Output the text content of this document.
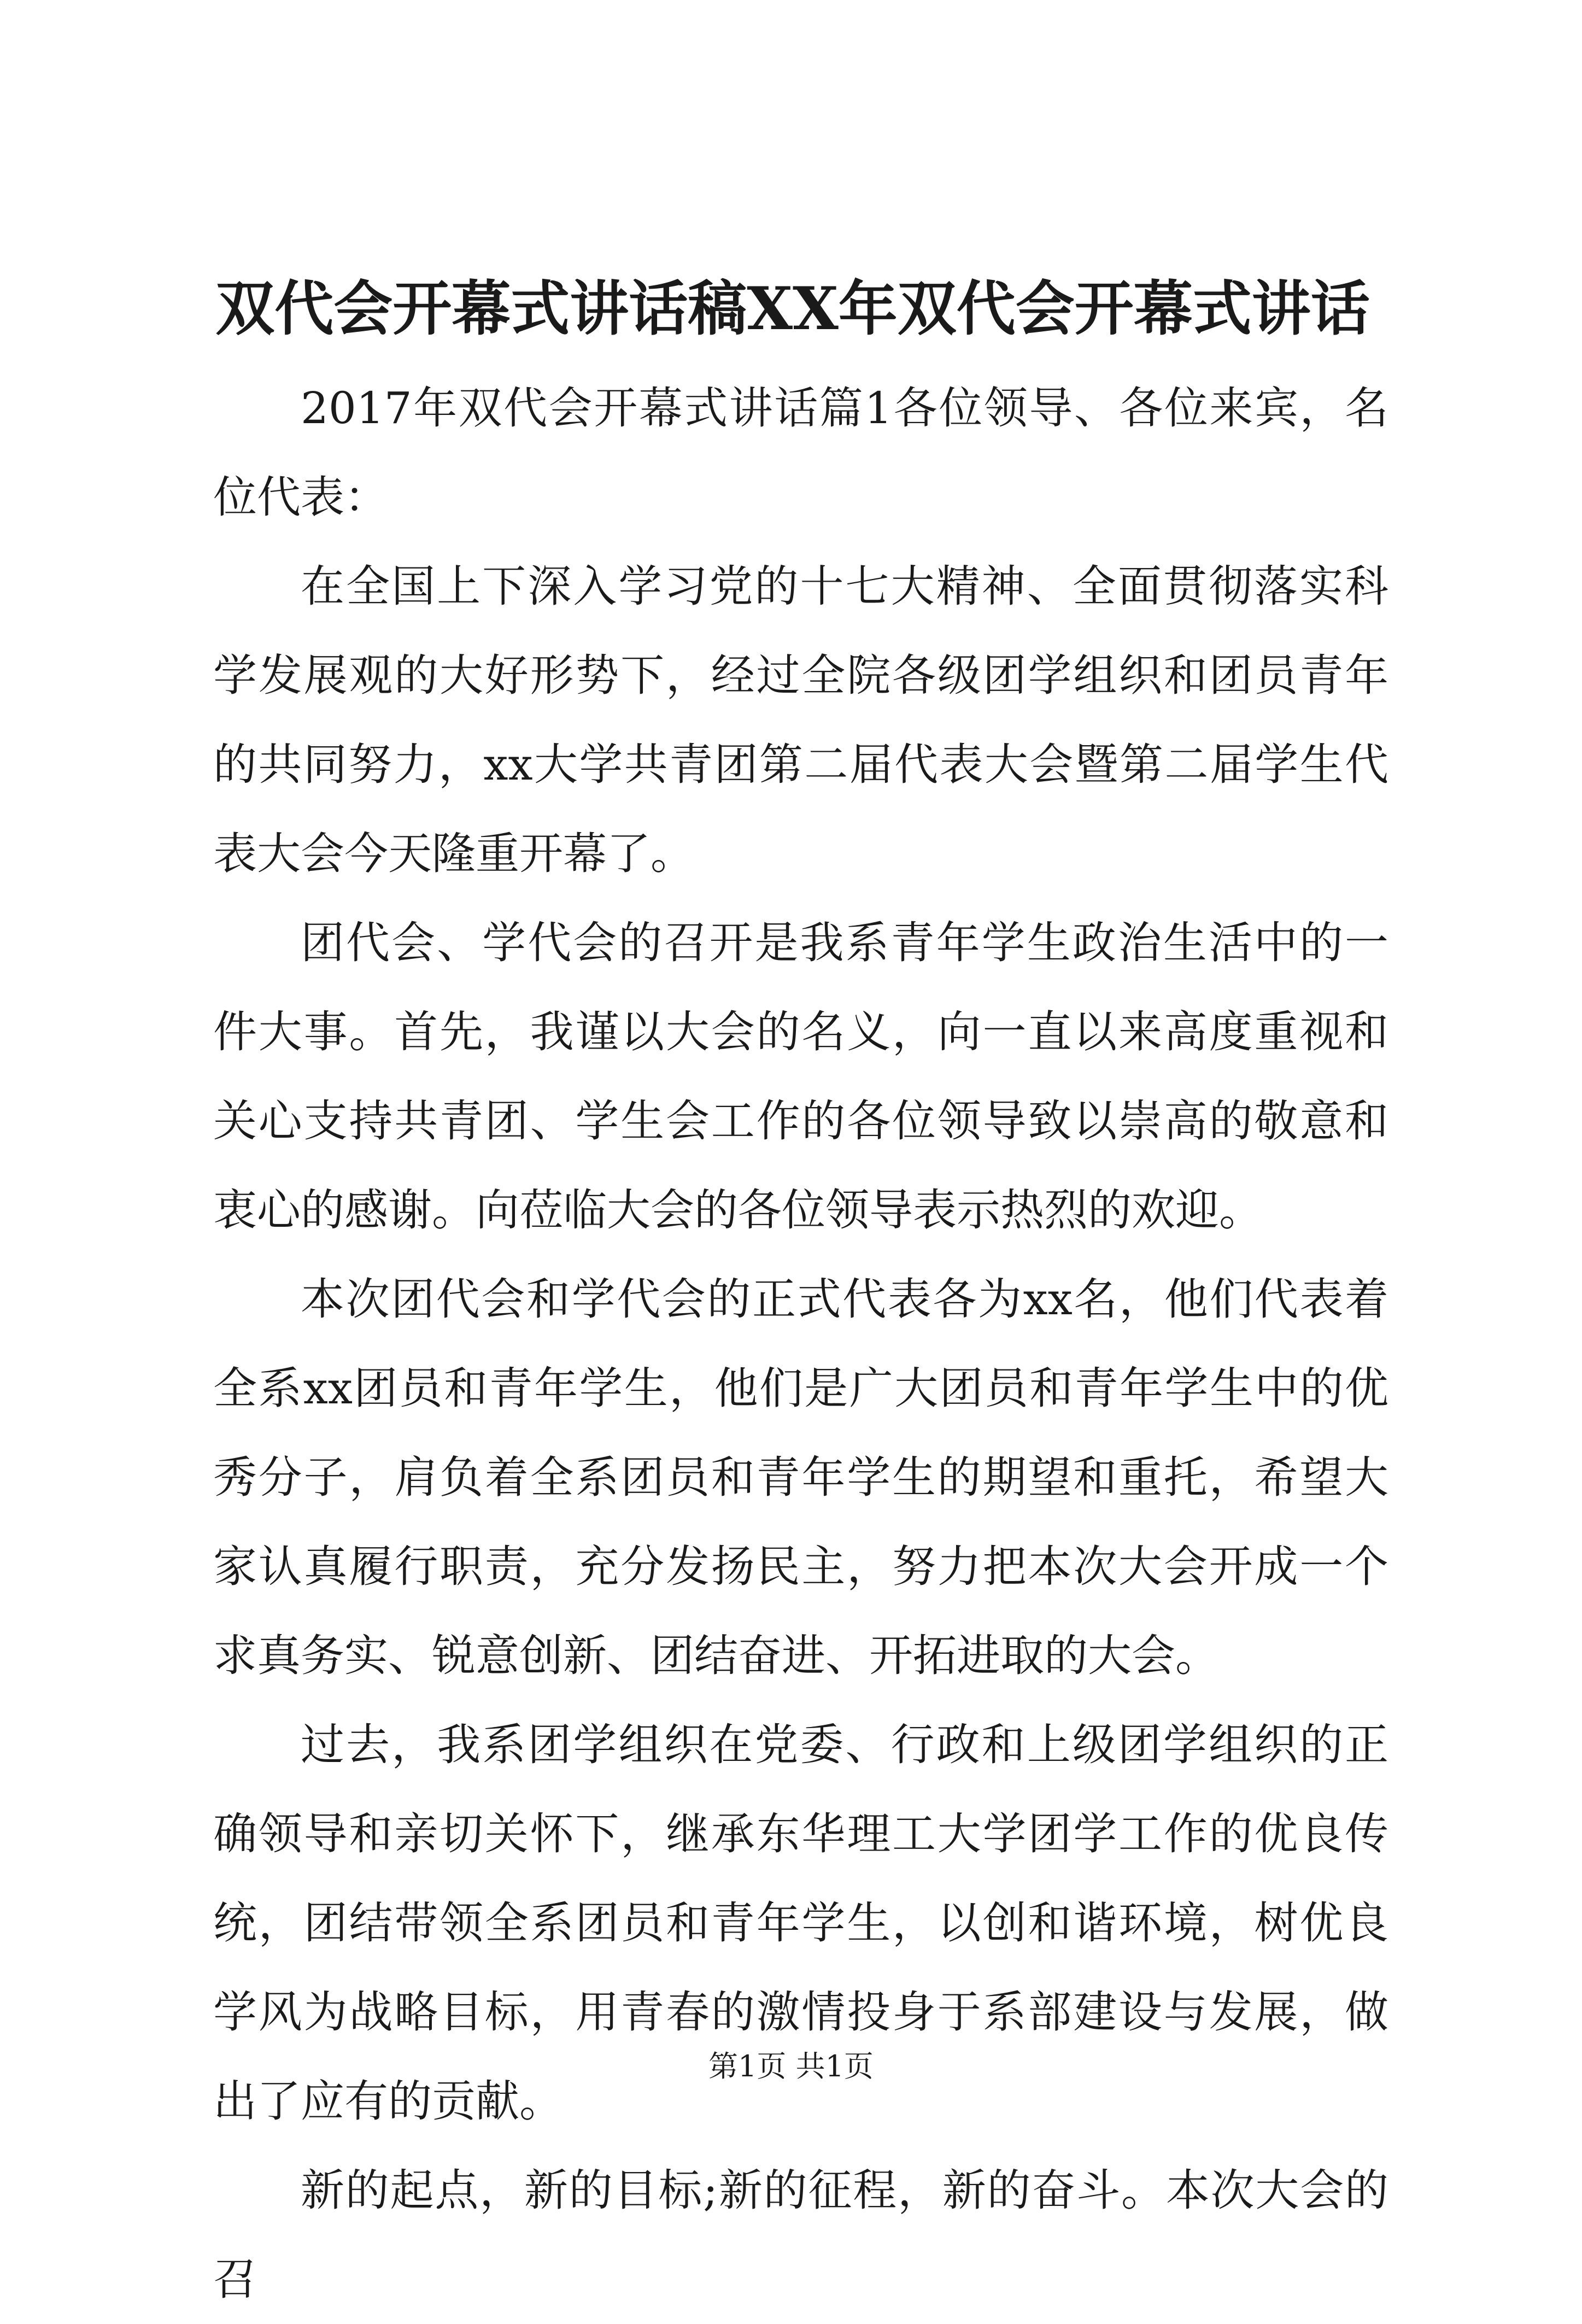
双代会开幕式讲话稿XX年双代会开幕式讲话

2017年双代会开幕式讲话篇1各位领导、各位来宾，名位代表：

在全国上下深入学习党的十七大精神、全面贯彻落实科学发展观的大好形势下，经过全院各级团学组织和团员青年的共同努力，xx大学共青团第二届代表大会暨第二届学生代表大会今天隆重开幕了。

团代会、学代会的召开是我系青年学生政治生活中的一件大事。首先，我谨以大会的名义，向一直以来高度重视和关心支持共青团、学生会工作的各位领导致以崇高的敬意和衷心的感谢。向莅临大会的各位领导表示热烈的欢迎。

本次团代会和学代会的正式代表各为xx名，他们代表着全系xx团员和青年学生，他们是广大团员和青年学生中的优秀分子，肩负着全系团员和青年学生的期望和重托，希望大家认真履行职责，充分发扬民主，努力把本次大会开成一个求真务实、锐意创新、团结奋进、开拓进取的大会。

过去，我系团学组织在党委、行政和上级团学组织的正确领导和亲切关怀下，继承东华理工大学团学工作的优良传统，团结带领全系团员和青年学生，以创和谐环境，树优良学风为战略目标，用青春的激情投身于系部建设与发展，做出了应有的贡献。

新的起点，新的目标;新的征程，新的奋斗。本次大会的召

第1页 共1页
